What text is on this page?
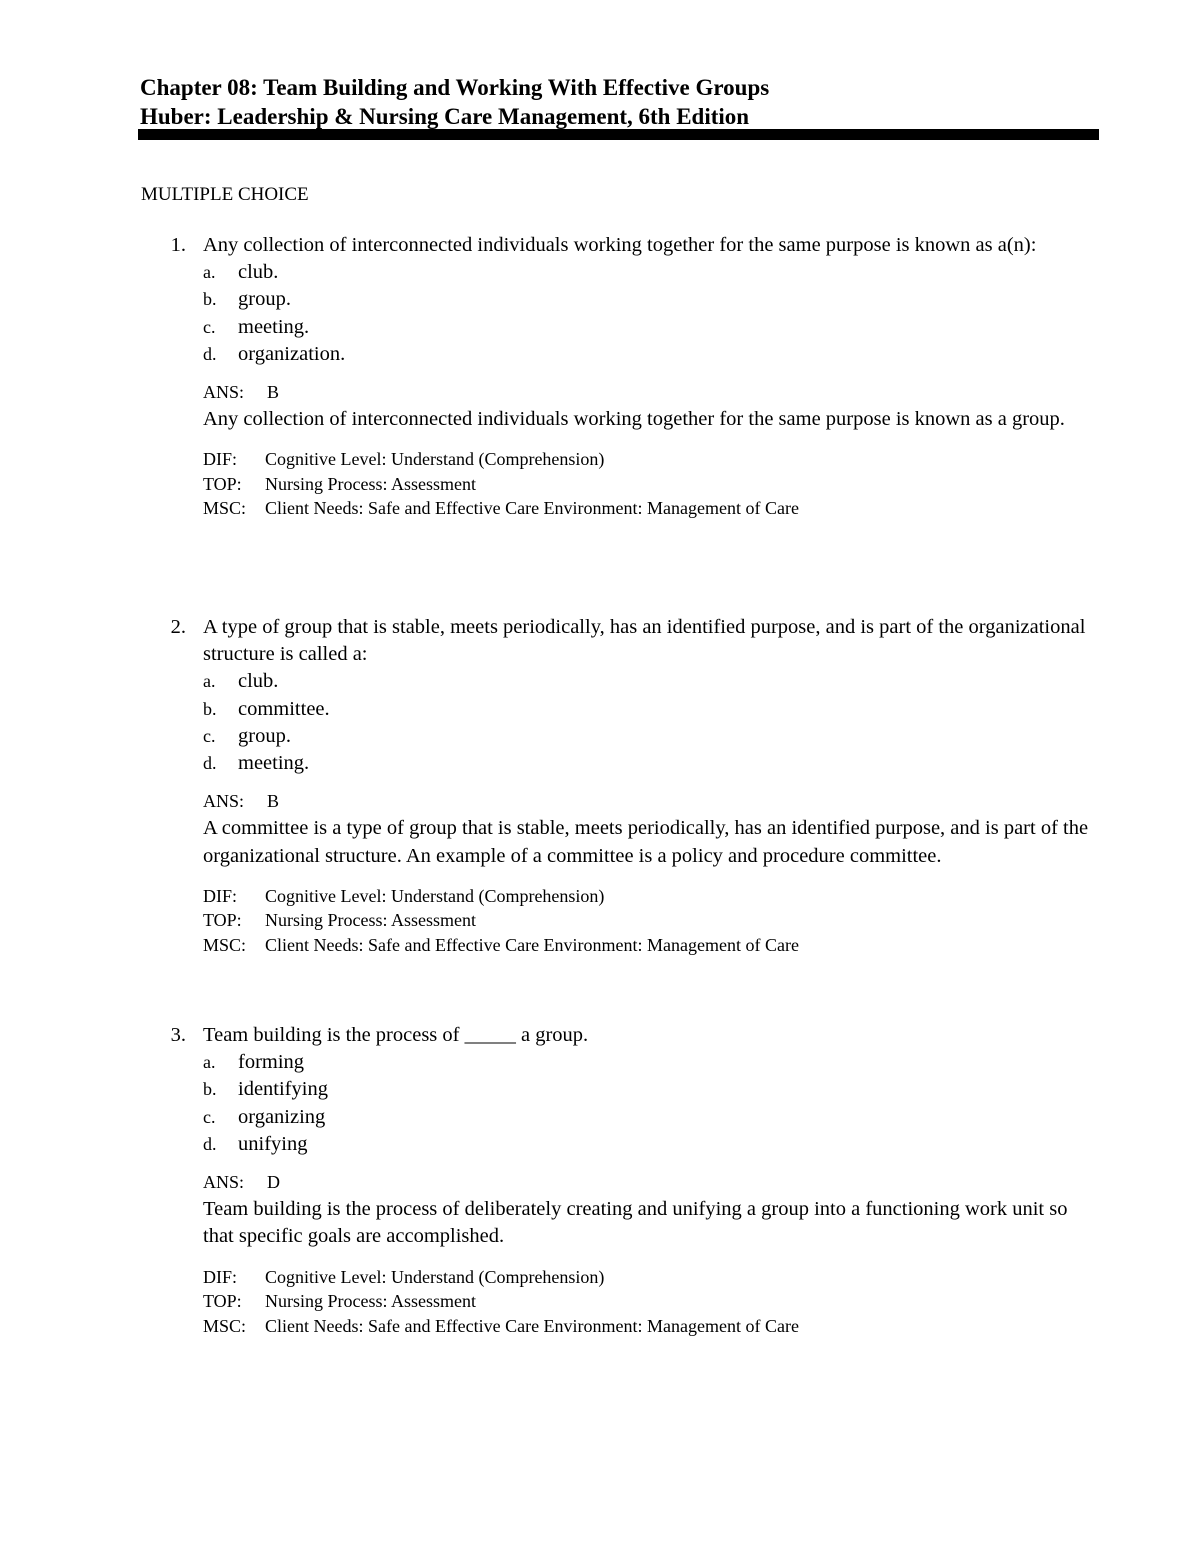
Chapter 08: Team Building and Working With Effective Groups
Huber: Leadership & Nursing Care Management, 6th Edition
MULTIPLE CHOICE
1. Any collection of interconnected individuals working together for the same purpose is known as a(n):
a. club.
b. group.
c. meeting.
d. organization.
ANS: B
Any collection of interconnected individuals working together for the same purpose is known as a group.
DIF: Cognitive Level: Understand (Comprehension)
TOP: Nursing Process: Assessment
MSC: Client Needs: Safe and Effective Care Environment: Management of Care
2. A type of group that is stable, meets periodically, has an identified purpose, and is part of the organizational structure is called a:
a. club.
b. committee.
c. group.
d. meeting.
ANS: B
A committee is a type of group that is stable, meets periodically, has an identified purpose, and is part of the organizational structure. An example of a committee is a policy and procedure committee.
DIF: Cognitive Level: Understand (Comprehension)
TOP: Nursing Process: Assessment
MSC: Client Needs: Safe and Effective Care Environment: Management of Care
3. Team building is the process of _____ a group.
a. forming
b. identifying
c. organizing
d. unifying
ANS: D
Team building is the process of deliberately creating and unifying a group into a functioning work unit so that specific goals are accomplished.
DIF: Cognitive Level: Understand (Comprehension)
TOP: Nursing Process: Assessment
MSC: Client Needs: Safe and Effective Care Environment: Management of Care
